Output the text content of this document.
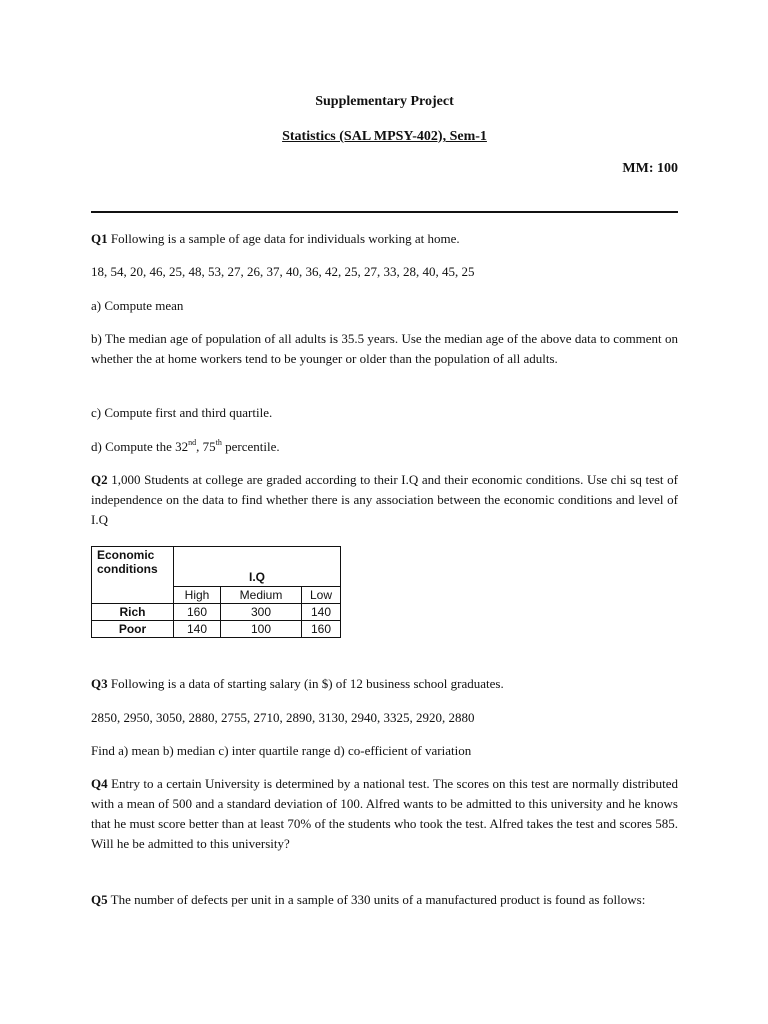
Supplementary Project
Statistics (SAL MPSY-402), Sem-1
MM: 100
Q1 Following is a sample of age data for individuals working at home.
18, 54, 20, 46, 25, 48, 53, 27, 26, 37, 40, 36, 42, 25, 27, 33, 28, 40, 45, 25
a) Compute mean
b) The median age of population of all adults is 35.5 years. Use the median age of the above data to comment on whether the at home workers tend to be younger or older than the population of all adults.
c) Compute first and third quartile.
d) Compute the 32nd, 75th percentile.
Q2 1,000 Students at college are graded according to their I.Q and their economic conditions. Use chi sq test of independence on the data to find whether there is any association between the economic conditions and level of I.Q
Economic conditions	I.Q		
	High	Medium	Low
Rich	160	300	140
Poor	140	100	160
Q3 Following is a data of starting salary (in $) of 12 business school graduates.
2850, 2950, 3050, 2880, 2755, 2710, 2890, 3130, 2940, 3325, 2920, 2880
Find a) mean b) median c) inter quartile range d) co-efficient of variation
Q4 Entry to a certain University is determined by a national test. The scores on this test are normally distributed with a mean of 500 and a standard deviation of 100. Alfred wants to be admitted to this university and he knows that he must score better than at least 70% of the students who took the test. Alfred takes the test and scores 585. Will he be admitted to this university?
Q5 The number of defects per unit in a sample of 330 units of a manufactured product is found as follows:
